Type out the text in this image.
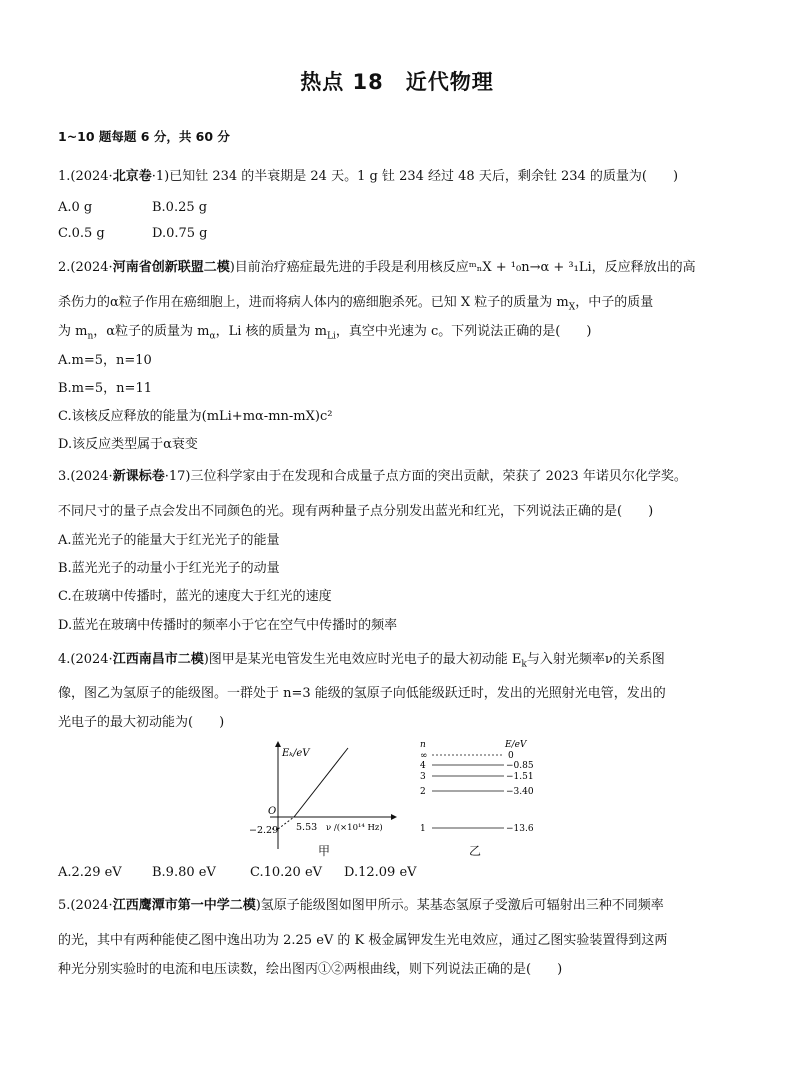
热点 18 近代物理
1~10 题每题 6 分，共 60 分
1.(2024·北京卷·1)已知钍 234 的半衰期是 24 天。1 g 钍 234 经过 48 天后，剩余钍 234 的质量为(　　)
A.0 g	B.0.25 g
C.0.5 g	D.0.75 g
2.(2024·河南省创新联盟二模)目前治疗癌症最先进的手段是利用核反应ᵐₙX + ¹₀n→α + ³₁Li，反应释放出的高
杀伤力的α粒子作用在癌细胞上，进而将病人体内的癌细胞杀死。已知 X 粒子的质量为 $m_X$，中子的质量
为 $m_n$，α粒子的质量为 $m_\alpha$，Li 核的质量为 $m_{Li}$，真空中光速为 c。下列说法正确的是(　　)
A.m=5，n=10
B.m=5，n=11
C.该核反应释放的能量为(mLi+mα-mn-mX)c²
D.该反应类型属于α衰变
3.(2024·新课标卷·17)三位科学家由于在发现和合成量子点方面的突出贡献，荣获了 2023 年诺贝尔化学奖。
不同尺寸的量子点会发出不同颜色的光。现有两种量子点分别发出蓝光和红光，下列说法正确的是(　　)
A.蓝光光子的能量大于红光光子的能量
B.蓝光光子的动量小于红光光子的动量
C.在玻璃中传播时，蓝光的速度大于红光的速度
D.蓝光在玻璃中传播时的频率小于它在空气中传播时的频率
4.(2024·江西南昌市二模)图甲是某光电管发生光电效应时光电子的最大初动能 $E_k$与入射光频率ν的关系图
像，图乙为氢原子的能级图。一群处于 n=3 能级的氢原子向低能级跃迁时，发出的光照射光电管，发出的
光电子的最大初动能为(　　)
Eₖ/eV
O
5.53
−2.29	ν /(×10¹⁴ Hz)
甲
n	E/eV
∞	0
4	−0.85
3	−1.51
2	−3.40
1	−13.6
乙
A.2.29 eV B.9.80 eV	C.10.20 eV D.12.09 eV
5.(2024·江西鹰潭市第一中学二模)氢原子能级图如图甲所示。某基态氢原子受激后可辐射出三种不同频率
的光，其中有两种能使乙图中逸出功为 2.25 eV 的 K 极金属钾发生光电效应，通过乙图实验装置得到这两
种光分别实验时的电流和电压读数，绘出图丙①②两根曲线，则下列说法正确的是(　　)
